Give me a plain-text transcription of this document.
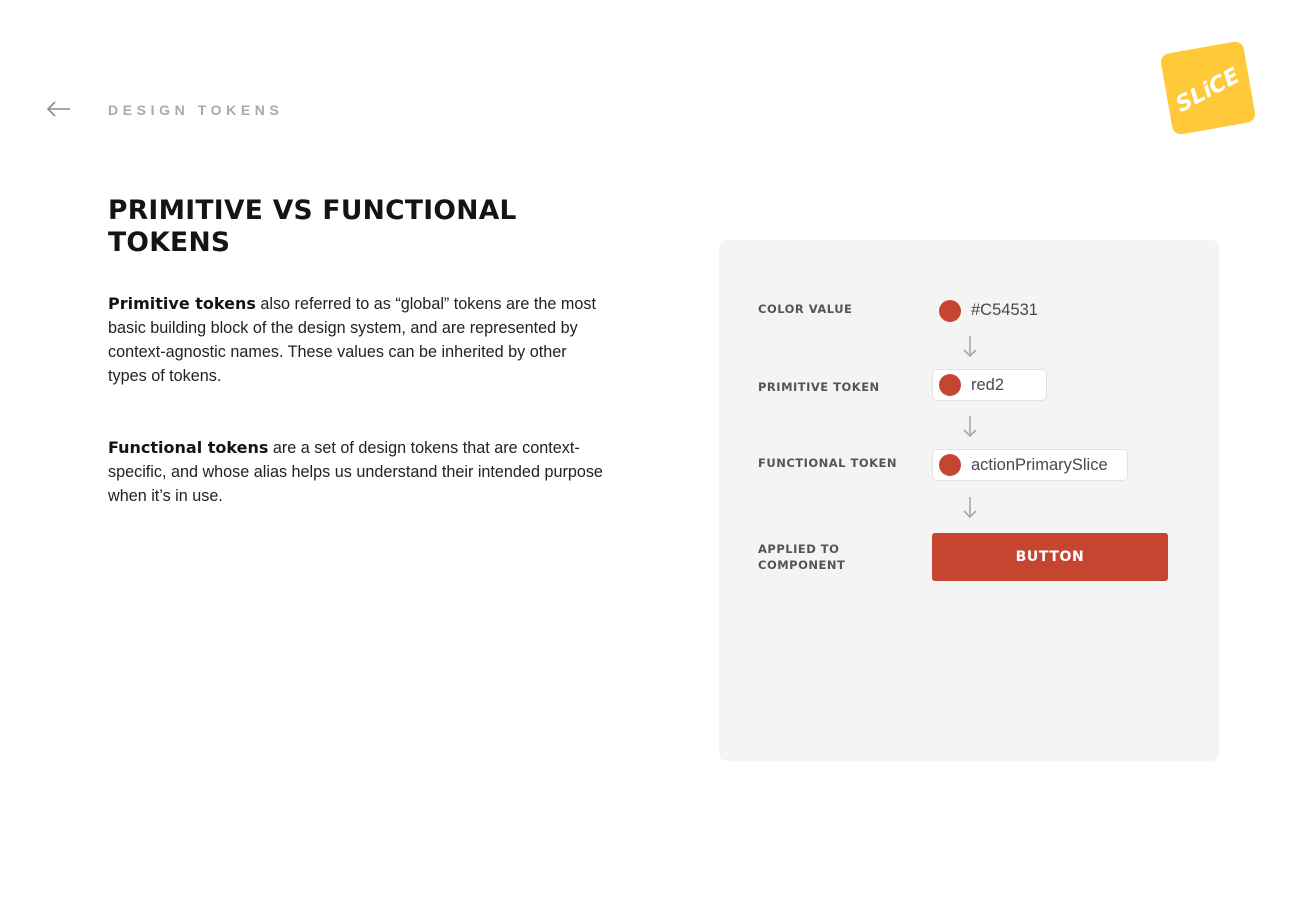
DESIGN TOKENS	SLiCE
PRIMITIVE VS FUNCTIONAL TOKENS

Primitive tokens also referred to as “global” tokens are the most basic building block of the design system, and are represented by context-agnostic names. These values can be inherited by other types of tokens.

Functional tokens are a set of design tokens that are context-specific, and whose alias helps us understand their intended purpose when it’s in use.

COLOR VALUE	#C54531
PRIMITIVE TOKEN	red2
FUNCTIONAL TOKEN	actionPrimarySlice
APPLIED TO COMPONENT	BUTTON
